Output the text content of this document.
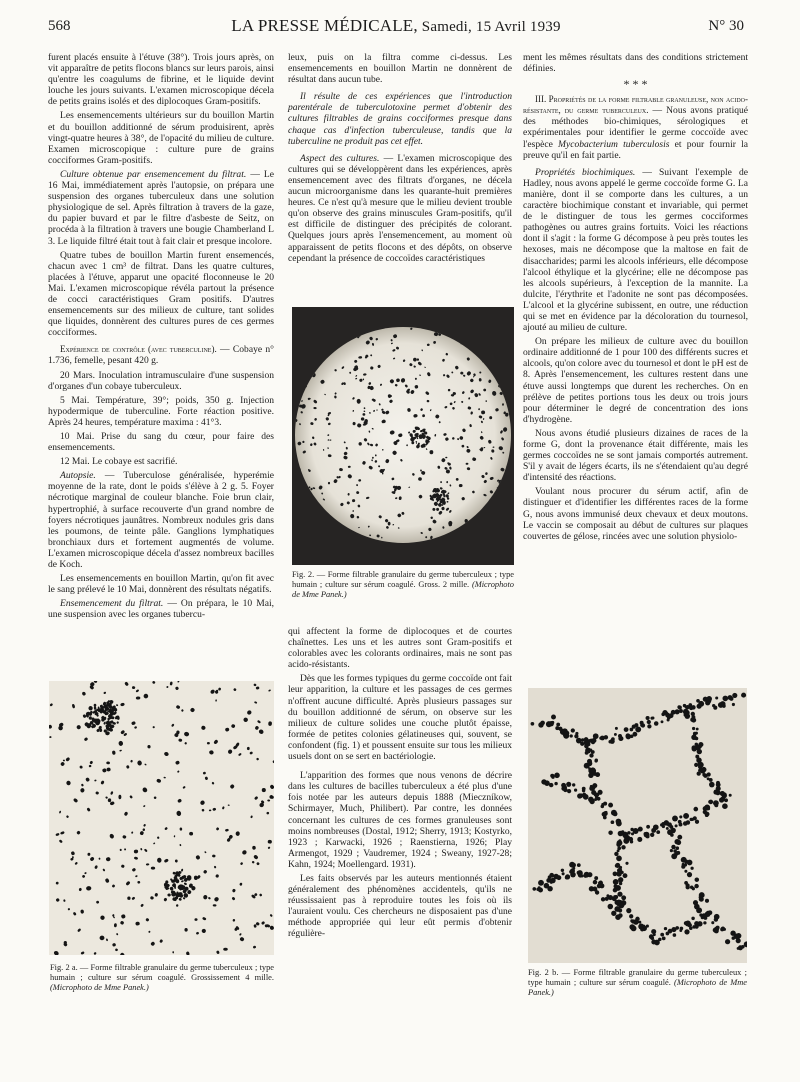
568	LA PRESSE MÉDICALE, Samedi, 15 Avril 1939	N° 30

furent placés ensuite à l'étuve (38°). Trois jours après, on vit apparaître de petits flocons blancs sur leurs parois, ainsi qu'entre les coagulums de fibrine, et le liquide devint louche les jours suivants. L'examen microscopique décela de petits grains isolés et des diplocoques Gram-positifs.

Les ensemencements ultérieurs sur du bouillon Martin et du bouillon additionné de sérum produisirent, après vingt-quatre heures à 38°, de l'opacité du milieu de culture. Examen microscopique : culture pure de grains cocciformes Gram-positifs.

Culture obtenue par ensemencement du filtrat. — Le 16 Mai, immédiatement après l'autopsie, on prépara une suspension des organes tuberculeux dans une solution physiologique de sel. Après filtration à travers de la gaze, du papier buvard et par le filtre d'asbeste de Seitz, on procéda à la filtration à travers une bougie Chamberland L 3. Le liquide filtré était tout à fait clair et presque incolore.

Quatre tubes de bouillon Martin furent ensemencés, chacun avec 1 cm³ de filtrat. Dans les quatre cultures, placées à l'étuve, apparut une opacité floconneuse le 20 Mai. L'examen microscopique révéla partout la présence de cocci caractéristiques Gram positifs. D'autres ensemencements sur des milieux de culture, tant solides que liquides, donnèrent des cultures pures de ces germes cocciformes.

Expérience de contrôle (avec tuberculine). — Cobaye n° 1.736, femelle, pesant 420 g.

20 Mars. Inoculation intramusculaire d'une suspension d'organes d'un cobaye tuberculeux.

5 Mai. Température, 39°; poids, 350 g. Injection hypodermique de tuberculine. Forte réaction positive. Après 24 heures, température maxima : 41°3.

10 Mai. Prise du sang du cœur, pour faire des ensemencements.

12 Mai. Le cobaye est sacrifié.

Autopsie. — Tuberculose généralisée, hyperémie moyenne de la rate, dont le poids s'élève à 2 g. 5. Foyer nécrotique marginal de couleur blanche. Foie brun clair, hypertrophié, à surface recouverte d'un grand nombre de foyers nécrotiques jaunâtres. Nombreux nodules gris dans les poumons, de teinte pâle. Ganglions lymphatiques bronchiaux durs et fortement augmentés de volume. L'examen microscopique décela d'assez nombreux bacilles de Koch.

Les ensemencements en bouillon Martin, qu'on fit avec le sang prélevé le 10 Mai, donnèrent des résultats négatifs.

Ensemencement du filtrat. — On prépara, le 10 Mai, une suspension avec les organes tubercu-

leux, puis on la filtra comme ci-dessus. Les ensemencements en bouillon Martin ne donnèrent de résultat dans aucun tube.

Il résulte de ces expériences que l'introduction parentérale de tuberculotoxine permet d'obtenir des cultures filtrables de grains cocciformes presque dans chaque cas d'infection tuberculeuse, tandis que la tuberculine ne produit pas cet effet.

Aspect des cultures. — L'examen microscopique des cultures qui se développèrent dans les expériences, après ensemencement avec des filtrats d'organes, ne décela aucun microorganisme dans les quarante-huit premières heures. Ce n'est qu'à mesure que le milieu devient trouble qu'on observe des grains minuscules Gram-positifs, qu'il est difficile de distinguer des précipités de colorant. Quelques jours après l'ensemencement, au moment où apparaissent de petits flocons et des dépôts, on observe cependant la présence de coccoïdes caractéristiques

qui affectent la forme de diplocoques et de courtes chaînettes. Les uns et les autres sont Gram-positifs et colorables avec les colorants ordinaires, mais ne sont pas acido-résistants.

Dès que les formes typiques du germe coccoïde ont fait leur apparition, la culture et les passages de ces germes n'offrent aucune difficulté. Après plusieurs passages sur du bouillon additionné de sérum, on observe sur les milieux de culture solides une couche plutôt épaisse, formée de petites colonies gélatineuses qui, souvent, se confondent (fig. 1) et poussent ensuite sur tous les milieux usuels dont on se sert en bactériologie.

L'apparition des formes que nous venons de décrire dans les cultures de bacilles tuberculeux a été plus d'une fois notée par les auteurs depuis 1888 (Mieczníkow, Schirmayer, Much, Philibert). Par contre, les données concernant les cultures de ces formes granuleuses sont moins nombreuses (Dostal, 1912; Sherry, 1913; Kostyrko, 1923 ; Karwacki, 1926 ; Raenstierna, 1926; Play Armengot, 1929 ; Vaudremer, 1924 ; Sweany, 1927-28; Kahn, 1924; Moellengard. 1931).

Les faits observés par les auteurs mentionnés étaient généralement des phénomènes accidentels, qu'ils ne réussissaient pas à reproduire toutes les fois où ils l'auraient voulu. Ces chercheurs ne disposaient pas d'une méthode appropriée qui leur eût permis d'obtenir régulière-

ment les mêmes résultats dans des conditions strictement définies.

* * *

III. Propriétés de la forme filtrable granuleuse, non acido-résistante, du germe tuberculeux. — Nous avons pratiqué des méthodes bio-chimiques, sérologiques et expérimentales pour identifier le germe coccoïde avec l'espèce Mycobacterium tuberculosis et pour fournir la preuve qu'il en fait partie.

Propriétés biochimiques. — Suivant l'exemple de Hadley, nous avons appelé le germe coccoïde forme G. La manière, dont il se comporte dans les cultures, a un caractère biochimique constant et invariable, qui permet de le distinguer de tous les germes cocciformes pathogènes ou autres grains fortuits. Voici les réactions dont il s'agit : la forme G décompose à peu près toutes les hexoses, mais ne décompose que la maltose en fait de disaccharides; parmi les alcools inférieurs, elle décompose l'alcool éthylique et la glycérine; elle ne décompose pas les alcools supérieurs, à l'exception de la mannite. La dulcite, l'érythrite et l'adonite ne sont pas décomposées. L'alcool et la glycérine subissent, en outre, une réduction qui se met en évidence par la décoloration du tournesol, ajouté au milieu de culture.

On prépare les milieux de culture avec du bouillon ordinaire additionné de 1 pour 100 des différents sucres et alcools, qu'on colore avec du tournesol et dont le pH est de 8. Après l'ensemencement, les cultures restent dans une étuve aussi longtemps que durent les recherches. On en prélève de petites portions tous les deux ou trois jours pour déterminer le degré de concentration des ions d'hydrogène.

Nous avons étudié plusieurs dizaines de races de la forme G, dont la provenance était différente, mais les germes coccoïdes ne se sont jamais comportés autrement. S'il y avait de légers écarts, ils ne s'étendaient qu'au degré d'intensité des réactions.

Voulant nous procurer du sérum actif, afin de distinguer et d'identifier les différentes races de la forme G, nous avons immunisé deux chevaux et deux moutons. Le vaccin se composait au début de cultures sur plaques couvertes de gélose, rincées avec une solution physiolo-

Fig. 2. — Forme filtrable granulaire du germe tuberculeux ; type humain ; culture sur sérum coagulé. Gross. 2 mille. (Microphoto de Mme Panek.)
Fig. 2 a. — Forme filtrable granulaire du germe tuberculeux ; type humain ; culture sur sérum coagulé. Grossissement 4 mille. (Microphoto de Mme Panek.)
Fig. 2 b. — Forme filtrable granulaire du germe tuberculeux ; type humain ; culture sur sérum coagulé. (Microphoto de Mme Panek.)
